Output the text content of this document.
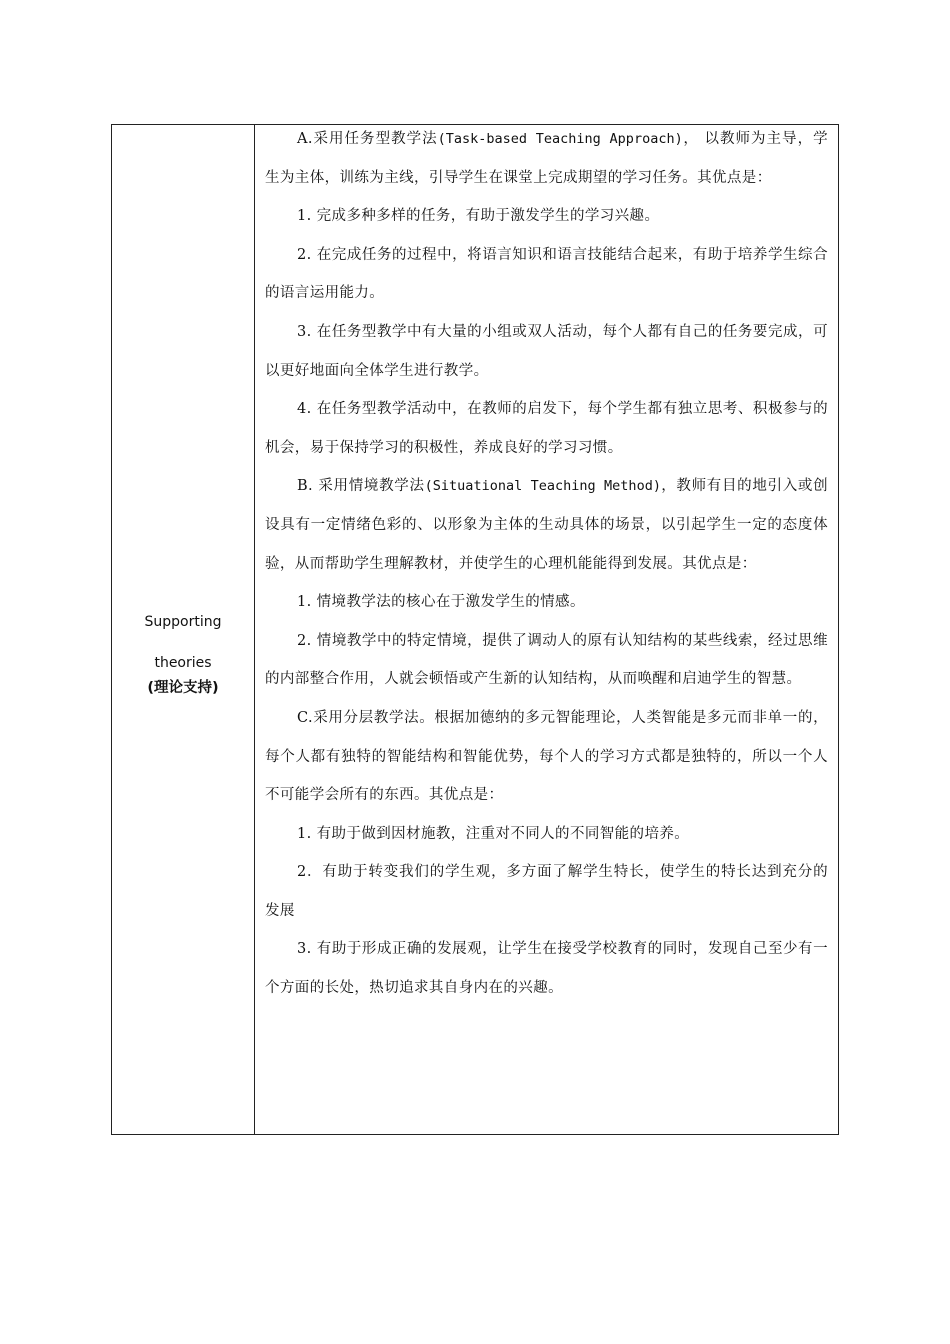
Supporting
theories
(理论支持)

A.采用任务型教学法(Task-based Teaching Approach)， 以教师为主导，学生为主体，训练为主线，引导学生在课堂上完成期望的学习任务。其优点是：

1. 完成多种多样的任务，有助于激发学生的学习兴趣。

2. 在完成任务的过程中，将语言知识和语言技能结合起来，有助于培养学生综合的语言运用能力。

3. 在任务型教学中有大量的小组或双人活动，每个人都有自己的任务要完成，可以更好地面向全体学生进行教学。

4. 在任务型教学活动中，在教师的启发下，每个学生都有独立思考、积极参与的机会，易于保持学习的积极性，养成良好的学习习惯。

B. 采用情境教学法(Situational Teaching Method)，教师有目的地引入或创设具有一定情绪色彩的、以形象为主体的生动具体的场景，以引起学生一定的态度体验，从而帮助学生理解教材，并使学生的心理机能能得到发展。其优点是：

1. 情境教学法的核心在于激发学生的情感。

2. 情境教学中的特定情境，提供了调动人的原有认知结构的某些线索，经过思维的内部整合作用，人就会顿悟或产生新的认知结构，从而唤醒和启迪学生的智慧。

C.采用分层教学法。根据加德纳的多元智能理论，人类智能是多元而非单一的，每个人都有独特的智能结构和智能优势，每个人的学习方式都是独特的，所以一个人不可能学会所有的东西。其优点是：

1. 有助于做到因材施教，注重对不同人的不同智能的培养。

2．有助于转变我们的学生观，多方面了解学生特长，使学生的特长达到充分的发展

3. 有助于形成正确的发展观，让学生在接受学校教育的同时，发现自己至少有一个方面的长处，热切追求其自身内在的兴趣。
